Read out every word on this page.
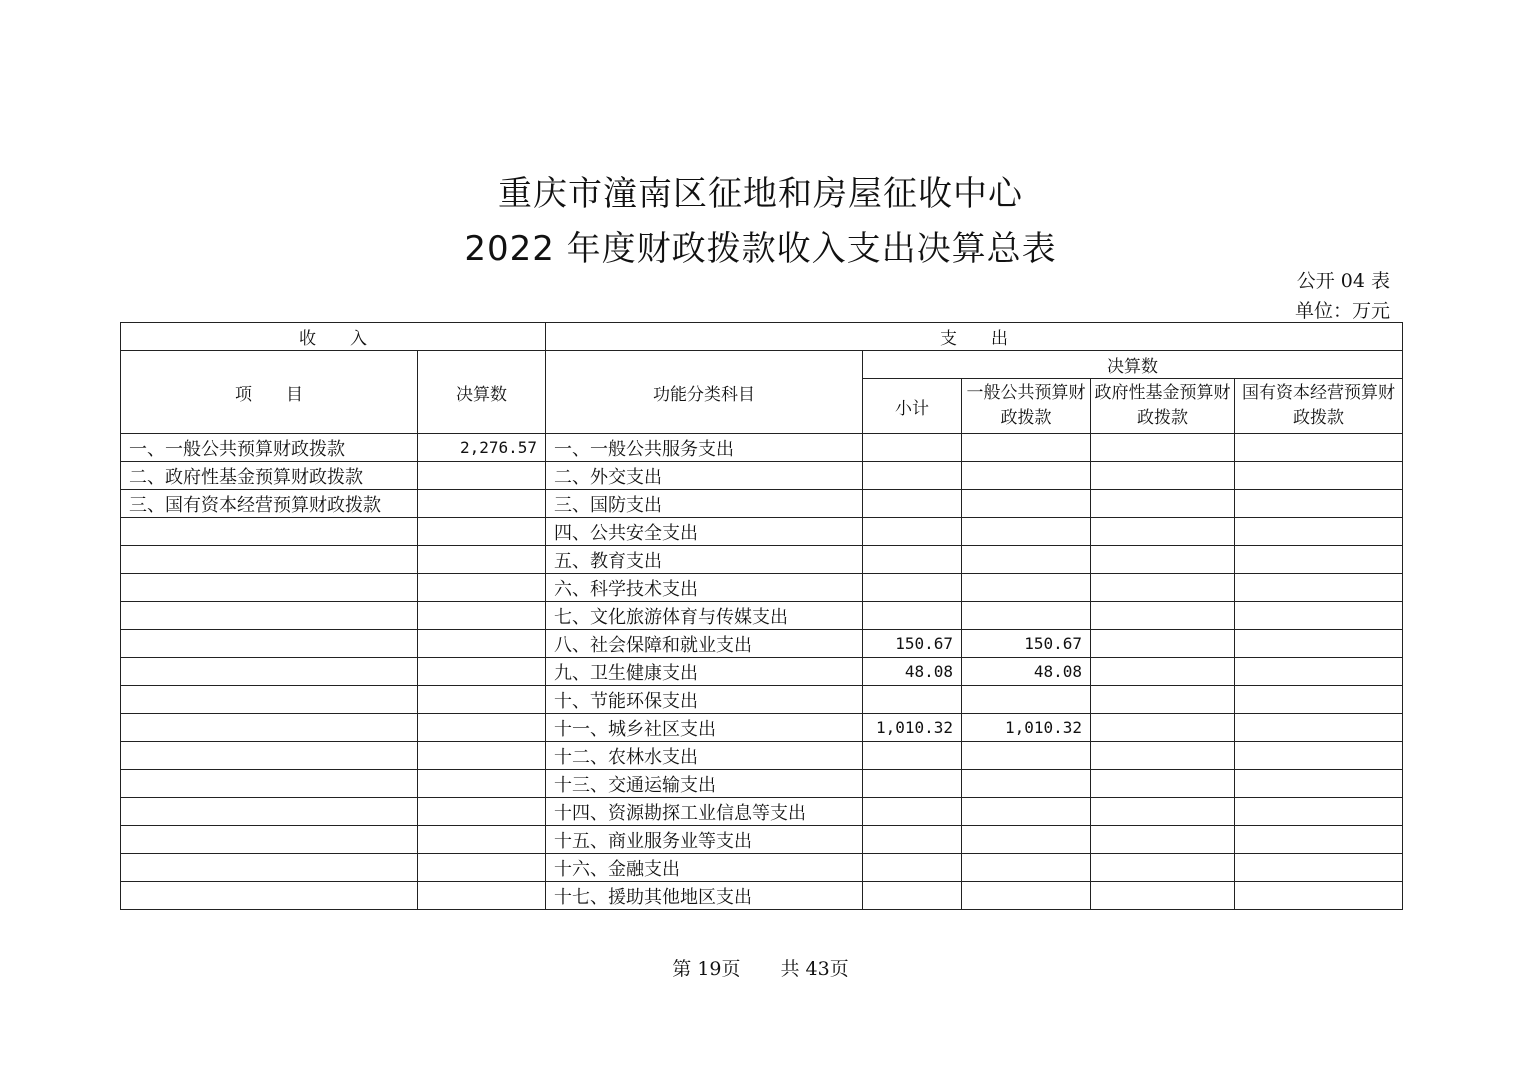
重庆市潼南区征地和房屋征收中心
2022 年度财政拨款收入支出决算总表
公开 04 表
单位：万元
收　　入		支　　出				
项　　目	决算数	功能分类科目	决算数			
			小计	一般公共预算财政拨款	政府性基金预算财政拨款	国有资本经营预算财政拨款
一、一般公共预算财政拨款	2,276.57	一、一般公共服务支出				
二、政府性基金预算财政拨款		二、外交支出				
三、国有资本经营预算财政拨款		三、国防支出				
		四、公共安全支出				
		五、教育支出				
		六、科学技术支出				
		七、文化旅游体育与传媒支出				
		八、社会保障和就业支出	150.67	150.67		
		九、卫生健康支出	48.08	48.08		
		十、节能环保支出				
		十一、城乡社区支出	1,010.32	1,010.32		
		十二、农林水支出				
		十三、交通运输支出				
		十四、资源勘探工业信息等支出				
		十五、商业服务业等支出				
		十六、金融支出				
		十七、援助其他地区支出				
第 19页 共 43页
